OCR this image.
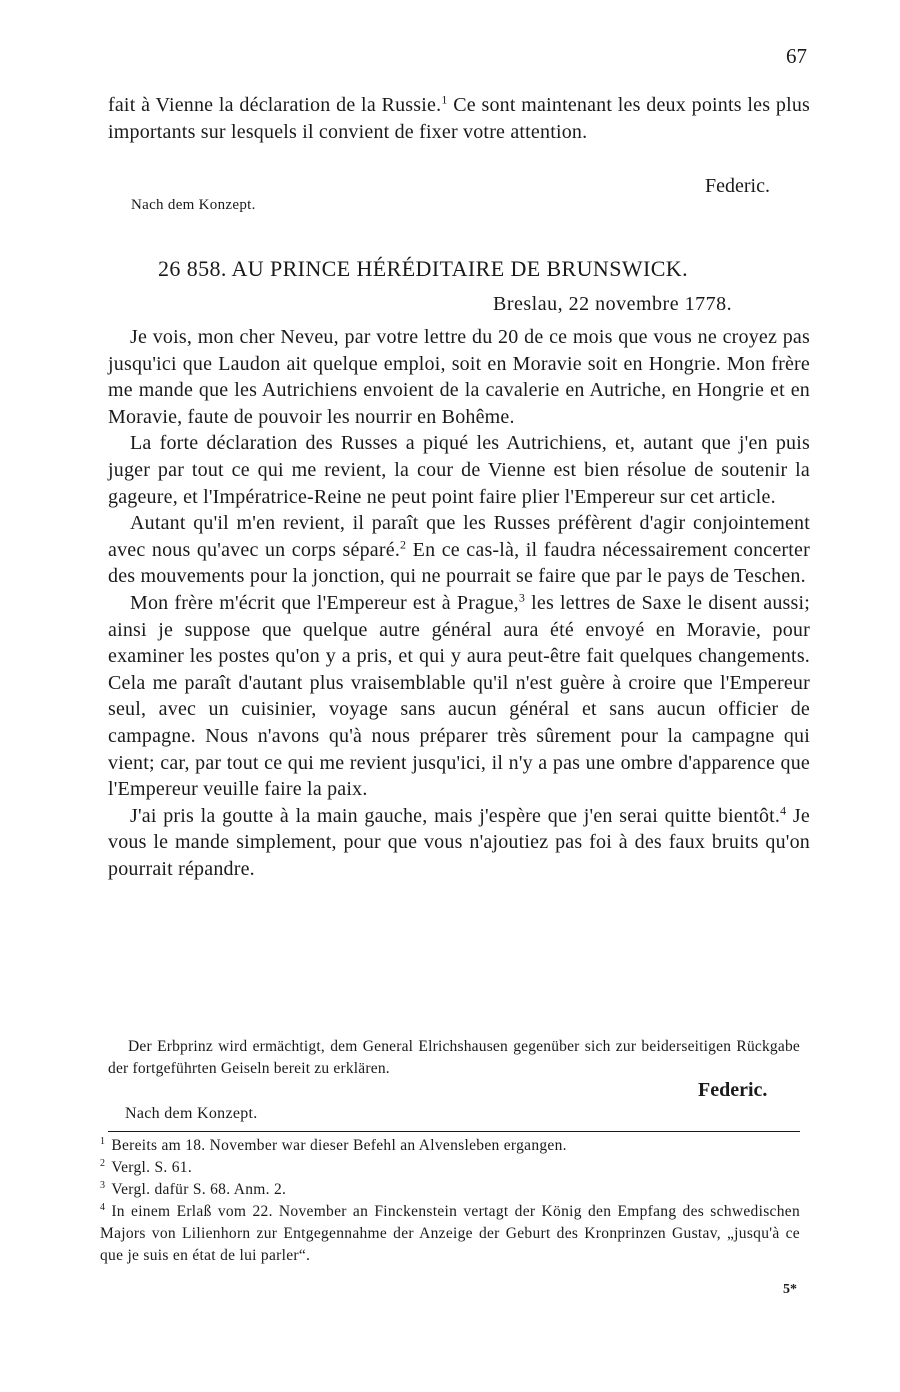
67
fait à Vienne la déclaration de la Russie.$^1$ Ce sont maintenant les deux points les plus importants sur lesquels il convient de fixer votre attention.
Federic.
Nach dem Konzept.
26 858. AU PRINCE HÉRÉDITAIRE DE BRUNSWICK.
Breslau, 22 novembre 1778.

Je vois, mon cher Neveu, par votre lettre du 20 de ce mois que vous ne croyez pas jusqu'ici que Laudon ait quelque emploi, soit en Moravie soit en Hongrie. Mon frère me mande que les Autrichiens envoient de la cavalerie en Autriche, en Hongrie et en Moravie, faute de pouvoir les nourrir en Bohême.

La forte déclaration des Russes a piqué les Autrichiens, et, autant que j'en puis juger par tout ce qui me revient, la cour de Vienne est bien résolue de soutenir la gageure, et l'Impératrice-Reine ne peut point faire plier l'Empereur sur cet article.

Autant qu'il m'en revient, il paraît que les Russes préfèrent d'agir conjointement avec nous qu'avec un corps séparé.$^2$ En ce cas-là, il faudra nécessairement concerter des mouvements pour la jonction, qui ne pourrait se faire que par le pays de Teschen.

Mon frère m'écrit que l'Empereur est à Prague,$^3$ les lettres de Saxe le disent aussi; ainsi je suppose que quelque autre général aura été envoyé en Moravie, pour examiner les postes qu'on y a pris, et qui y aura peut-être fait quelques changements. Cela me paraît d'autant plus vraisemblable qu'il n'est guère à croire que l'Empereur seul, avec un cuisinier, voyage sans aucun général et sans aucun officier de campagne. Nous n'avons qu'à nous préparer très sûrement pour la campagne qui vient; car, par tout ce qui me revient jusqu'ici, il n'y a pas une ombre d'apparence que l'Empereur veuille faire la paix.

J'ai pris la goutte à la main gauche, mais j'espère que j'en serai quitte bientôt.$^4$ Je vous le mande simplement, pour que vous n'ajoutiez pas foi à des faux bruits qu'on pourrait répandre.

Der Erbprinz wird ermächtigt, dem General Elrichshausen gegenüber sich zur beiderseitigen Rückgabe der fortgeführten Geiseln bereit zu erklären.

Federic.
Nach dem Konzept.

$^1$ Bereits am 18. November war dieser Befehl an Alvensleben ergangen.

$^2$ Vergl. S. 61.

$^3$ Vergl. dafür S. 68. Anm. 2.

$^4$ In einem Erlaß vom 22. November an Finckenstein vertagt der König den Empfang des schwedischen Majors von Lilienhorn zur Entgegennahme der Anzeige der Geburt des Kronprinzen Gustav, „jusqu'à ce que je suis en état de lui parler“.

5*
